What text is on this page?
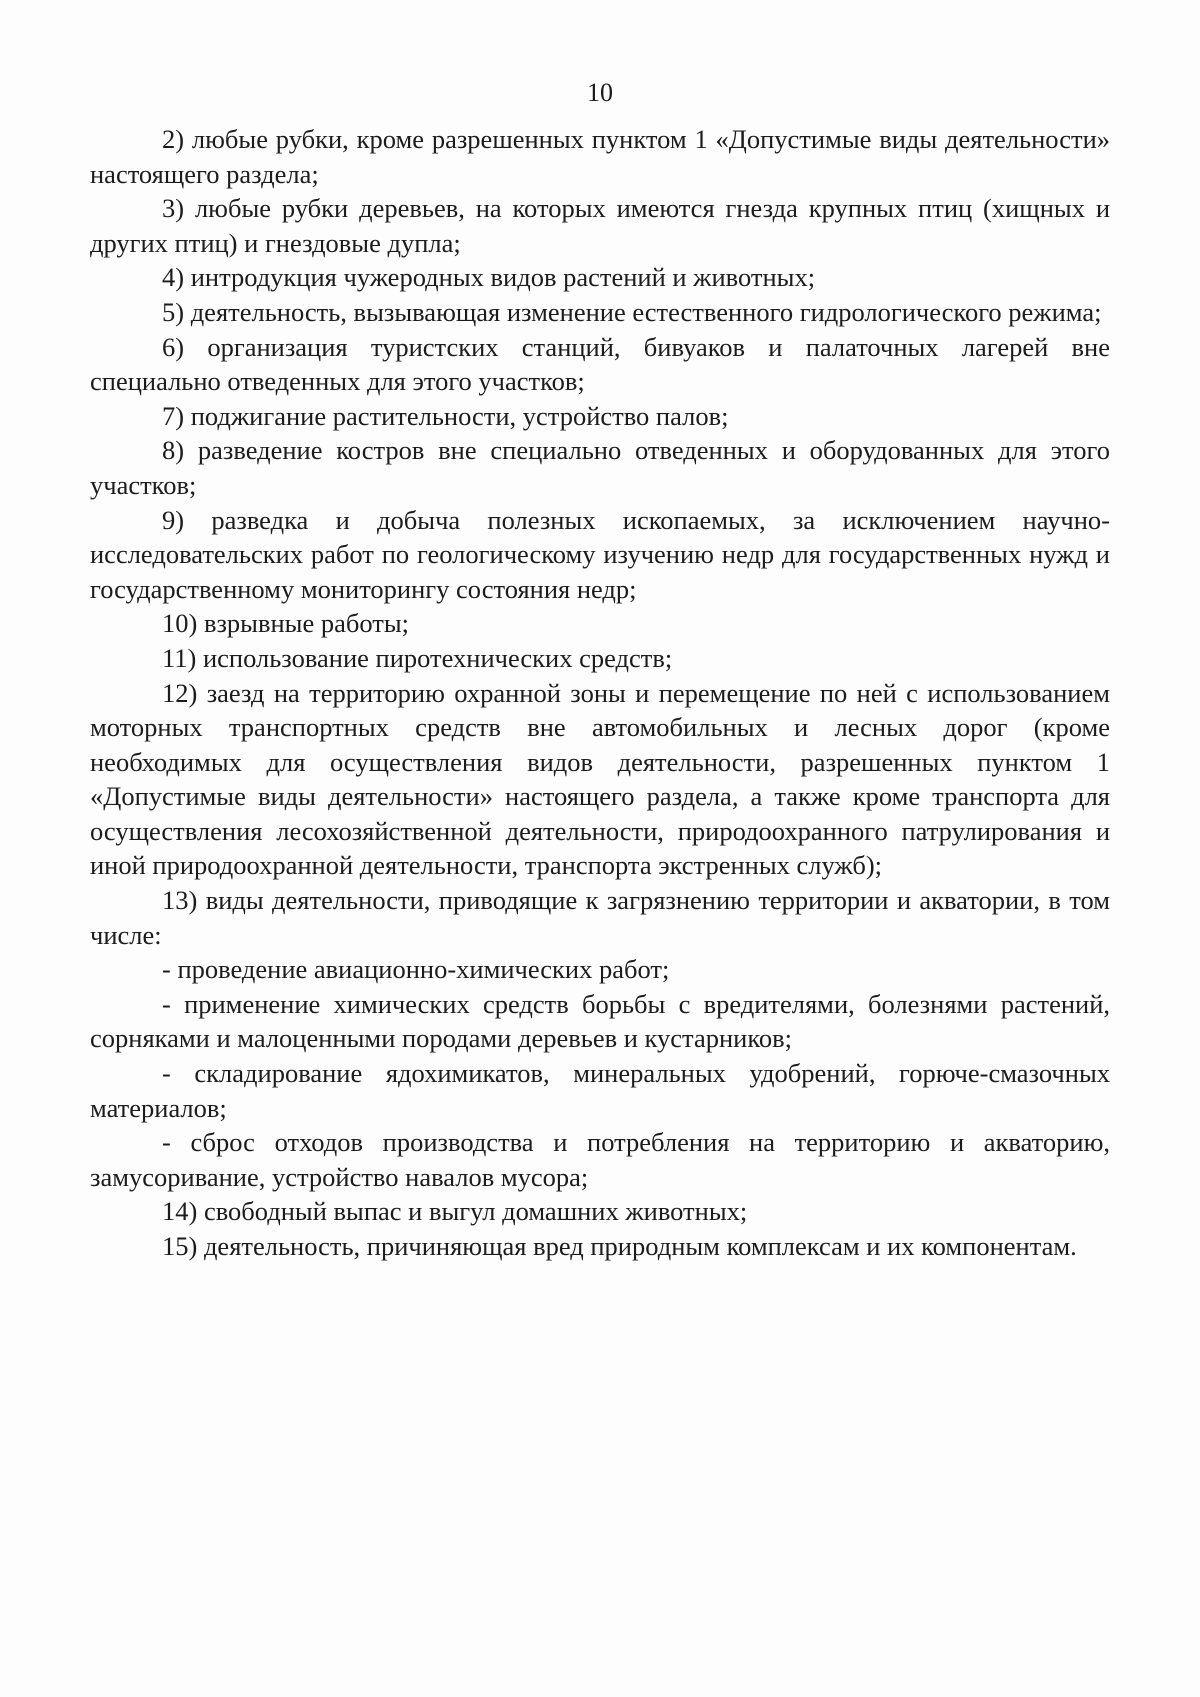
10

2) любые рубки, кроме разрешенных пунктом 1 «Допустимые виды деятельности» настоящего раздела;

3) любые рубки деревьев, на которых имеются гнезда крупных птиц (хищных и других птиц) и гнездовые дупла;

4) интродукция чужеродных видов растений и животных;

5) деятельность, вызывающая изменение естественного гидрологического режима;

6) организация туристских станций, бивуаков и палаточных лагерей вне специально отведенных для этого участков;

7) поджигание растительности, устройство палов;

8) разведение костров вне специально отведенных и оборудованных для этого участков;

9) разведка и добыча полезных ископаемых, за исключением научно-исследовательских работ по геологическому изучению недр для государственных нужд и государственному мониторингу состояния недр;

10) взрывные работы;

11) использование пиротехнических средств;

12) заезд на территорию охранной зоны и перемещение по ней с использованием моторных транспортных средств вне автомобильных и лесных дорог (кроме необходимых для осуществления видов деятельности, разрешенных пунктом 1 «Допустимые виды деятельности» настоящего раздела, а также кроме транспорта для осуществления лесохозяйственной деятельности, природоохранного патрулирования и иной природоохранной деятельности, транспорта экстренных служб);

13) виды деятельности, приводящие к загрязнению территории и акватории, в том числе:

- проведение авиационно-химических работ;

- применение химических средств борьбы с вредителями, болезнями растений, сорняками и малоценными породами деревьев и кустарников;

- складирование ядохимикатов, минеральных удобрений, горюче-смазочных материалов;

- сброс отходов производства и потребления на территорию и акваторию, замусоривание, устройство навалов мусора;

14) свободный выпас и выгул домашних животных;

15) деятельность, причиняющая вред природным комплексам и их компонентам.
